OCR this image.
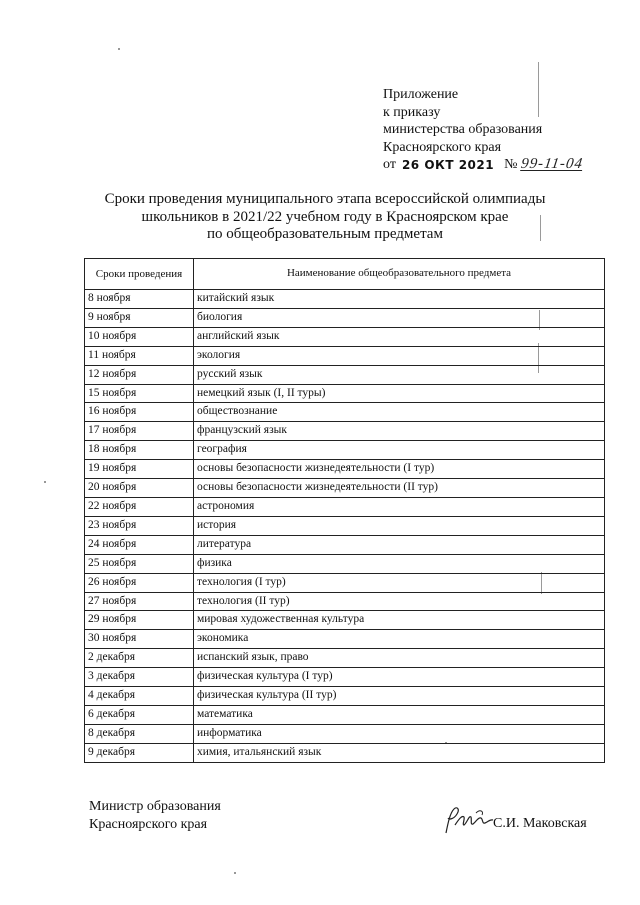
Приложение
к приказу
министерства образования
Красноярского края
от 26 ОКТ 2021 № 99-11-04
Сроки проведения муниципального этапа всероссийской олимпиады
школьников в 2021/22 учебном году в Красноярском крае
по общеобразовательным предметам
Сроки проведения	Наименование общеобразовательного предмета
8 ноября	китайский язык
9 ноября	биология
10 ноября	английский язык
11 ноября	экология
12 ноября	русский язык
15 ноября	немецкий язык (I, II туры)
16 ноября	обществознание
17 ноября	французский язык
18 ноября	география
19 ноября	основы безопасности жизнедеятельности (I тур)
20 ноября	основы безопасности жизнедеятельности (II тур)
22 ноября	астрономия
23 ноября	история
24 ноября	литература
25 ноября	физика
26 ноября	технология (I тур)
27 ноября	технология (II тур)
29 ноября	мировая художественная культура
30 ноября	экономика
2 декабря	испанский язык, право
3 декабря	физическая культура (I тур)
4 декабря	физическая культура (II тур)
6 декабря	математика
8 декабря	информатика
9 декабря	химия, итальянский язык
Министр образования
Красноярского края	С.И. Маковская
